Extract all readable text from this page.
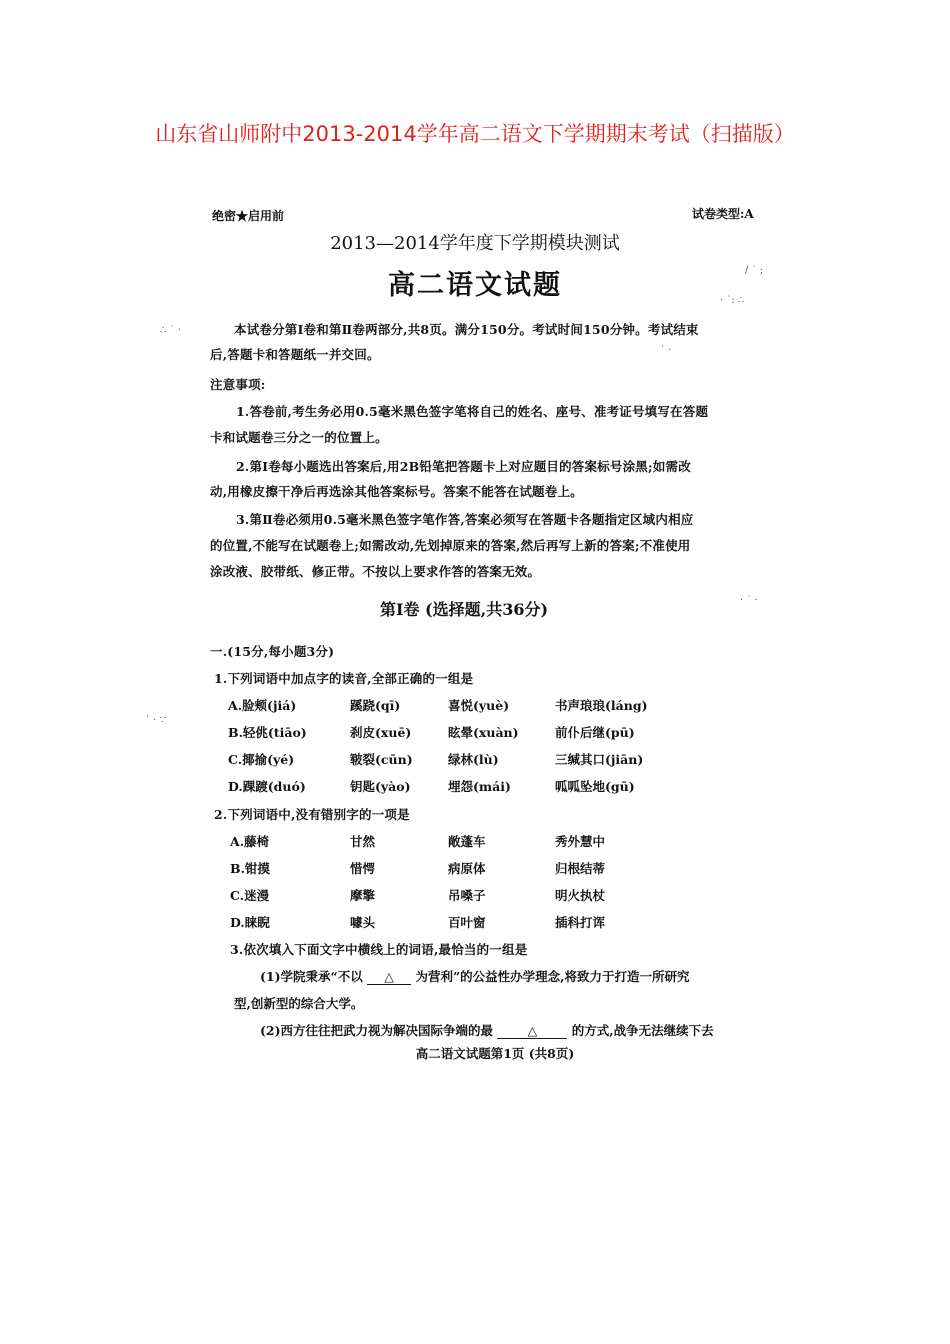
山东省山师附中2013-2014学年高二语文下学期期末考试（扫描版）
∴ ˙ ·
˙ · ∵
/ ˙ ;
· ˙: ∴
˙ ·
· ˙ ·
绝密★启用前	试卷类型:A
2013—2014学年度下学期模块测试
高二语文试题
本试卷分第Ⅰ卷和第Ⅱ卷两部分,共8页。满分150分。考试时间150分钟。考试结束
后,答题卡和答题纸一并交回。
注意事项:
1.答卷前,考生务必用0.5毫米黑色签字笔将自己的姓名、座号、准考证号填写在答题
卡和试题卷三分之一的位置上。
2.第Ⅰ卷每小题选出答案后,用2B铅笔把答题卡上对应题目的答案标号涂黑;如需改
动,用橡皮擦干净后再选涂其他答案标号。答案不能答在试题卷上。
3.第Ⅱ卷必须用0.5毫米黑色签字笔作答,答案必须写在答题卡各题指定区域内相应
的位置,不能写在试题卷上;如需改动,先划掉原来的答案,然后再写上新的答案;不准使用
涂改液、胶带纸、修正带。不按以上要求作答的答案无效。
第Ⅰ卷 (选择题,共36分)
一.(15分,每小题3分)
1.下列词语中加点字的读音,全部正确的一组是
A.脸颊(jiá)	蹊跷(qī)	喜悦(yuè)	书声琅琅(láng)
B.轻佻(tiāo)	刹皮(xuē)	眩晕(xuàn)	前仆后继(pū)
C.揶揄(yé)	皲裂(cūn)	绿林(lù)	三缄其口(jiān)
D.踝踱(duó)	钥匙(yào)	埋怨(mái)	呱呱坠地(gū)
2.下列词语中,没有错别字的一项是
A.藤椅	甘然	敞蓬车	秀外慧中
B.钳摸	惜愕	病原体	归根结蒂
C.迷漫	摩擎	吊嗓子	明火执杖
D.睐睨	噱头	百叶窗	插科打诨
3.依次填入下面文字中横线上的词语,最恰当的一组是
(1)学院秉承“不以 △ 为营利”的公益性办学理念,将致力于打造一所研究
型,创新型的综合大学。
(2)西方往往把武力视为解决国际争端的最	△	的方式,战争无法继续下去
高二语文试题第1页 (共8页)
